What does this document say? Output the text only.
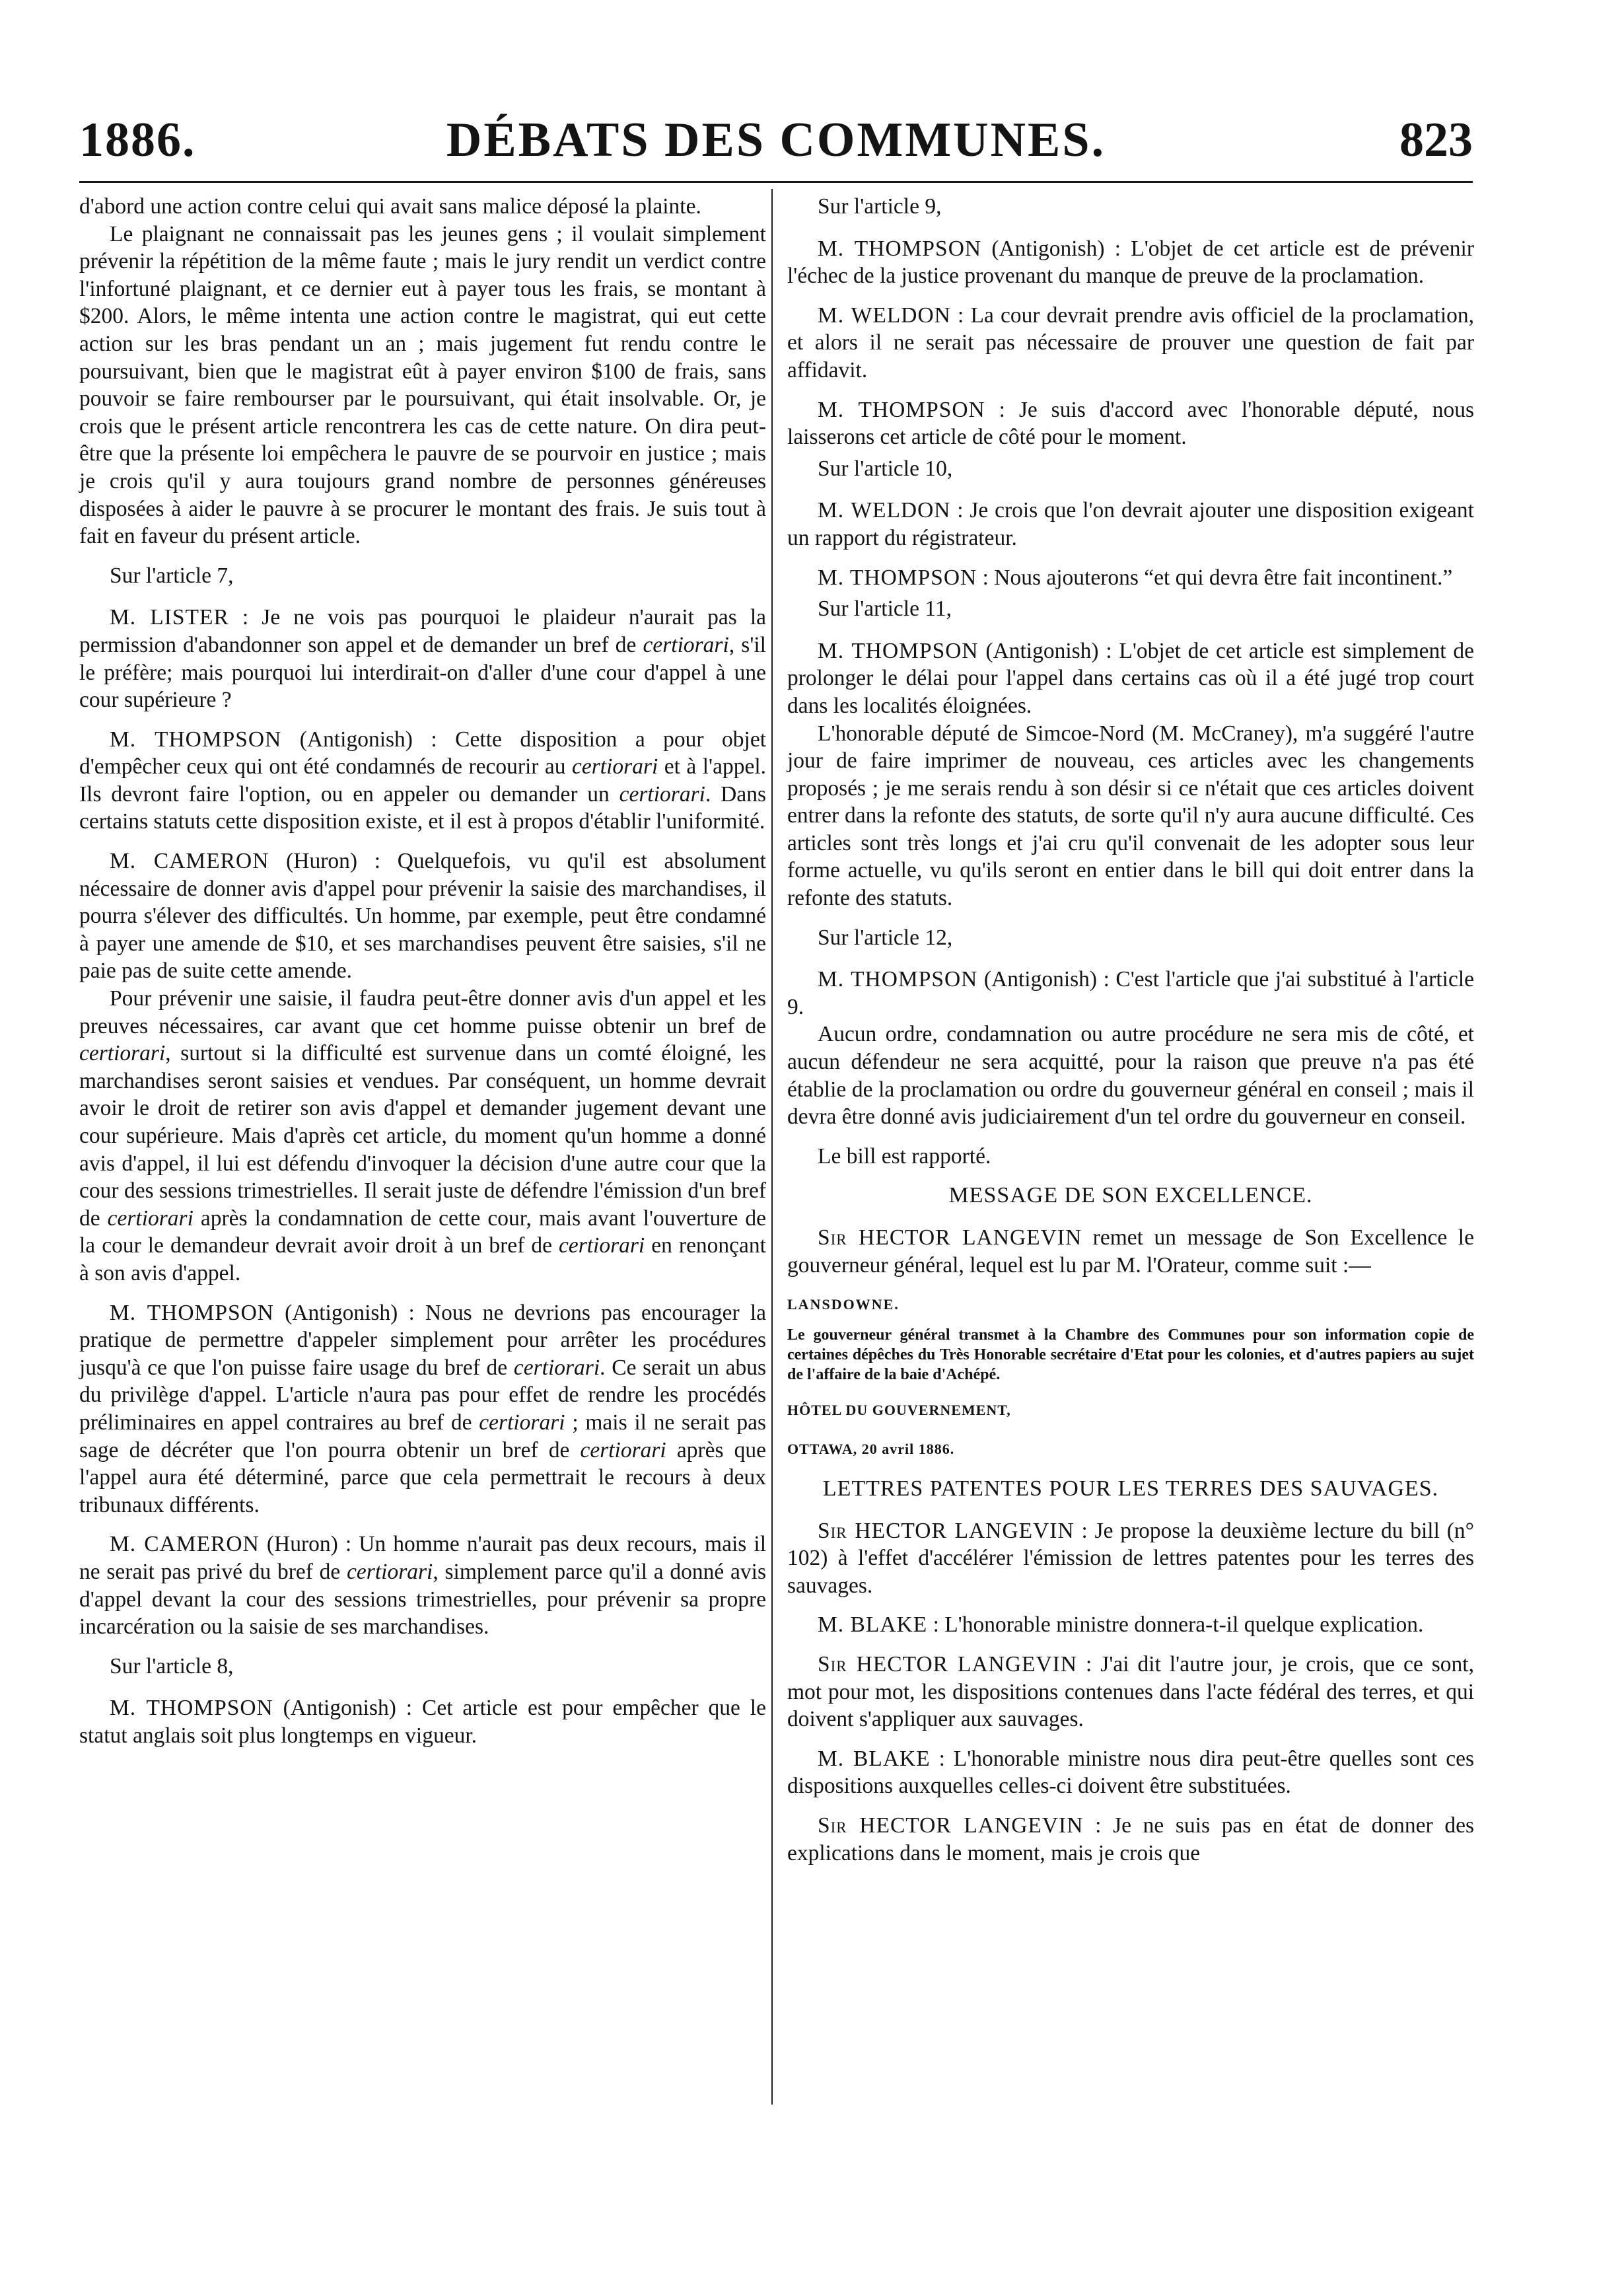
1886.	DÉBATS DES COMMUNES.	823

d'abord une action contre celui qui avait sans malice déposé la plainte.

Le plaignant ne connaissait pas les jeunes gens ; il voulait simplement prévenir la répétition de la même faute ; mais le jury rendit un verdict contre l'infortuné plaignant, et ce dernier eut à payer tous les frais, se montant à $200. Alors, le même intenta une action contre le magistrat, qui eut cette action sur les bras pendant un an ; mais jugement fut rendu contre le poursuivant, bien que le magistrat eût à payer environ $100 de frais, sans pouvoir se faire rembourser par le poursuivant, qui était insolvable. Or, je crois que le présent article rencontrera les cas de cette nature. On dira peut-être que la présente loi empêchera le pauvre de se pourvoir en justice ; mais je crois qu'il y aura toujours grand nombre de personnes généreuses disposées à aider le pauvre à se procurer le montant des frais. Je suis tout à fait en faveur du présent article.

Sur l'article 7,

M. LISTER : Je ne vois pas pourquoi le plaideur n'aurait pas la permission d'abandonner son appel et de demander un bref de certiorari, s'il le préfère; mais pourquoi lui interdirait-on d'aller d'une cour d'appel à une cour supérieure ?

M. THOMPSON (Antigonish) : Cette disposition a pour objet d'empêcher ceux qui ont été condamnés de recourir au certiorari et à l'appel. Ils devront faire l'option, ou en appeler ou demander un certiorari. Dans certains statuts cette disposition existe, et il est à propos d'établir l'uniformité.

M. CAMERON (Huron) : Quelquefois, vu qu'il est absolument nécessaire de donner avis d'appel pour prévenir la saisie des marchandises, il pourra s'élever des difficultés. Un homme, par exemple, peut être condamné à payer une amende de $10, et ses marchandises peuvent être saisies, s'il ne paie pas de suite cette amende.

Pour prévenir une saisie, il faudra peut-être donner avis d'un appel et les preuves nécessaires, car avant que cet homme puisse obtenir un bref de certiorari, surtout si la difficulté est survenue dans un comté éloigné, les marchandises seront saisies et vendues. Par conséquent, un homme devrait avoir le droit de retirer son avis d'appel et demander jugement devant une cour supérieure. Mais d'après cet article, du moment qu'un homme a donné avis d'appel, il lui est défendu d'invoquer la décision d'une autre cour que la cour des sessions trimestrielles. Il serait juste de défendre l'émission d'un bref de certiorari après la condamnation de cette cour, mais avant l'ouverture de la cour le demandeur devrait avoir droit à un bref de certiorari en renonçant à son avis d'appel.

M. THOMPSON (Antigonish) : Nous ne devrions pas encourager la pratique de permettre d'appeler simplement pour arrêter les procédures jusqu'à ce que l'on puisse faire usage du bref de certiorari. Ce serait un abus du privilège d'appel. L'article n'aura pas pour effet de rendre les procédés préliminaires en appel contraires au bref de certiorari ; mais il ne serait pas sage de décréter que l'on pourra obtenir un bref de certiorari après que l'appel aura été déterminé, parce que cela permettrait le recours à deux tribunaux différents.

M. CAMERON (Huron) : Un homme n'aurait pas deux recours, mais il ne serait pas privé du bref de certiorari, simplement parce qu'il a donné avis d'appel devant la cour des sessions trimestrielles, pour prévenir sa propre incarcération ou la saisie de ses marchandises.

Sur l'article 8,

M. THOMPSON (Antigonish) : Cet article est pour empêcher que le statut anglais soit plus longtemps en vigueur.

Sur l'article 9,

M. THOMPSON (Antigonish) : L'objet de cet article est de prévenir l'échec de la justice provenant du manque de preuve de la proclamation.

M. WELDON : La cour devrait prendre avis officiel de la proclamation, et alors il ne serait pas nécessaire de prouver une question de fait par affidavit.

M. THOMPSON : Je suis d'accord avec l'honorable député, nous laisserons cet article de côté pour le moment.

Sur l'article 10,

M. WELDON : Je crois que l'on devrait ajouter une disposition exigeant un rapport du régistrateur.

M. THOMPSON : Nous ajouterons “et qui devra être fait incontinent.”

Sur l'article 11,

M. THOMPSON (Antigonish) : L'objet de cet article est simplement de prolonger le délai pour l'appel dans certains cas où il a été jugé trop court dans les localités éloignées.

L'honorable député de Simcoe-Nord (M. McCraney), m'a suggéré l'autre jour de faire imprimer de nouveau, ces articles avec les changements proposés ; je me serais rendu à son désir si ce n'était que ces articles doivent entrer dans la refonte des statuts, de sorte qu'il n'y aura aucune difficulté. Ces articles sont très longs et j'ai cru qu'il convenait de les adopter sous leur forme actuelle, vu qu'ils seront en entier dans le bill qui doit entrer dans la refonte des statuts.

Sur l'article 12,

M. THOMPSON (Antigonish) : C'est l'article que j'ai substitué à l'article 9.

Aucun ordre, condamnation ou autre procédure ne sera mis de côté, et aucun défendeur ne sera acquitté, pour la raison que preuve n'a pas été établie de la proclamation ou ordre du gouverneur général en conseil ; mais il devra être donné avis judiciairement d'un tel ordre du gouverneur en conseil.

Le bill est rapporté.

MESSAGE DE SON EXCELLENCE.

Sir HECTOR LANGEVIN remet un message de Son Excellence le gouverneur général, lequel est lu par M. l'Orateur, comme suit :—

LANSDOWNE.

Le gouverneur général transmet à la Chambre des Communes pour son information copie de certaines dépêches du Très Honorable secrétaire d'Etat pour les colonies, et d'autres papiers au sujet de l'affaire de la baie d'Achépé.

HÔTEL DU GOUVERNEMENT,

OTTAWA, 20 avril 1886.

LETTRES PATENTES POUR LES TERRES DES SAUVAGES.

Sir HECTOR LANGEVIN : Je propose la deuxième lecture du bill (n° 102) à l'effet d'accélérer l'émission de lettres patentes pour les terres des sauvages.

M. BLAKE : L'honorable ministre donnera-t-il quelque explication.

Sir HECTOR LANGEVIN : J'ai dit l'autre jour, je crois, que ce sont, mot pour mot, les dispositions contenues dans l'acte fédéral des terres, et qui doivent s'appliquer aux sauvages.

M. BLAKE : L'honorable ministre nous dira peut-être quelles sont ces dispositions auxquelles celles-ci doivent être substituées.

Sir HECTOR LANGEVIN : Je ne suis pas en état de donner des explications dans le moment, mais je crois que
